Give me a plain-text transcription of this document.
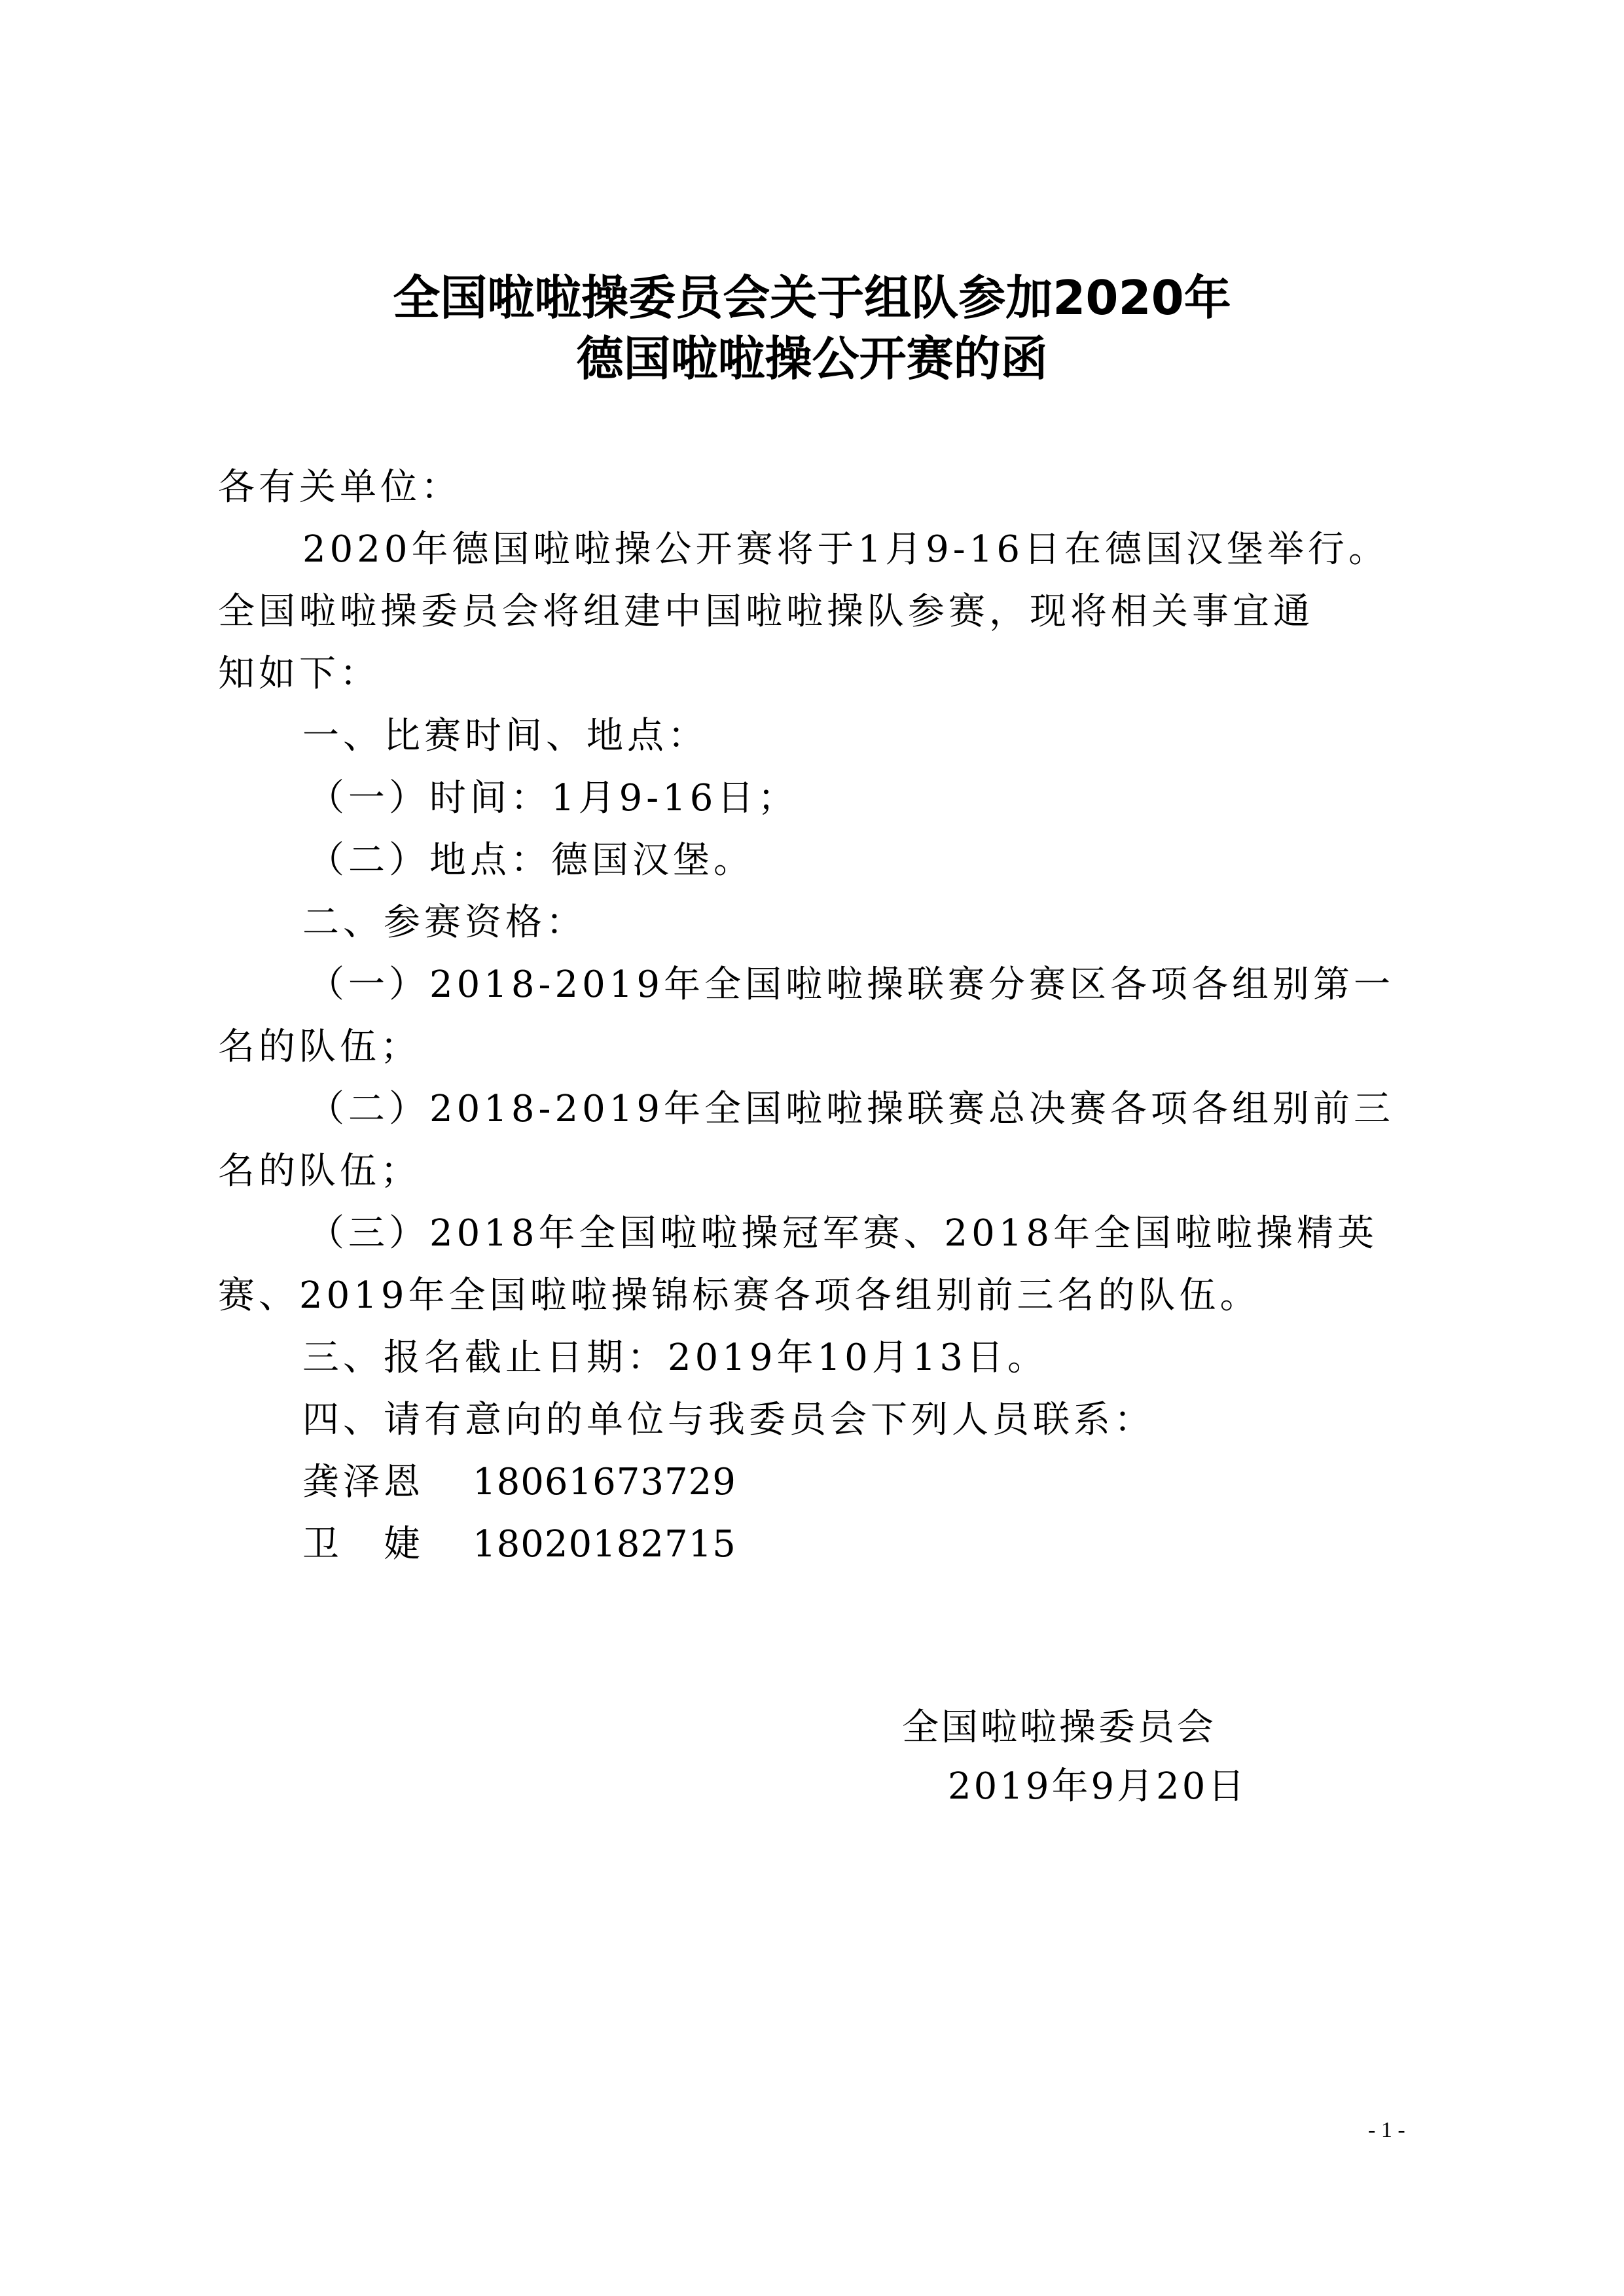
全国啦啦操委员会关于组队参加2020年
德国啦啦操公开赛的函
各有关单位：
2020年德国啦啦操公开赛将于1月9-16日在德国汉堡举行。
全国啦啦操委员会将组建中国啦啦操队参赛，现将相关事宜通
知如下：
一、比赛时间、地点：
（一）时间：1月9-16日；
（二）地点：德国汉堡。
二、参赛资格：
（一）2018-2019年全国啦啦操联赛分赛区各项各组别第一
名的队伍；
（二）2018-2019年全国啦啦操联赛总决赛各项各组别前三
名的队伍；
（三）2018年全国啦啦操冠军赛、2018年全国啦啦操精英
赛、2019年全国啦啦操锦标赛各项各组别前三名的队伍。
三、报名截止日期：2019年10月13日。
四、请有意向的单位与我委员会下列人员联系：
龚泽恩 18061673729
卫　婕 18020182715
全国啦啦操委员会
2019年9月20日
- 1 -
